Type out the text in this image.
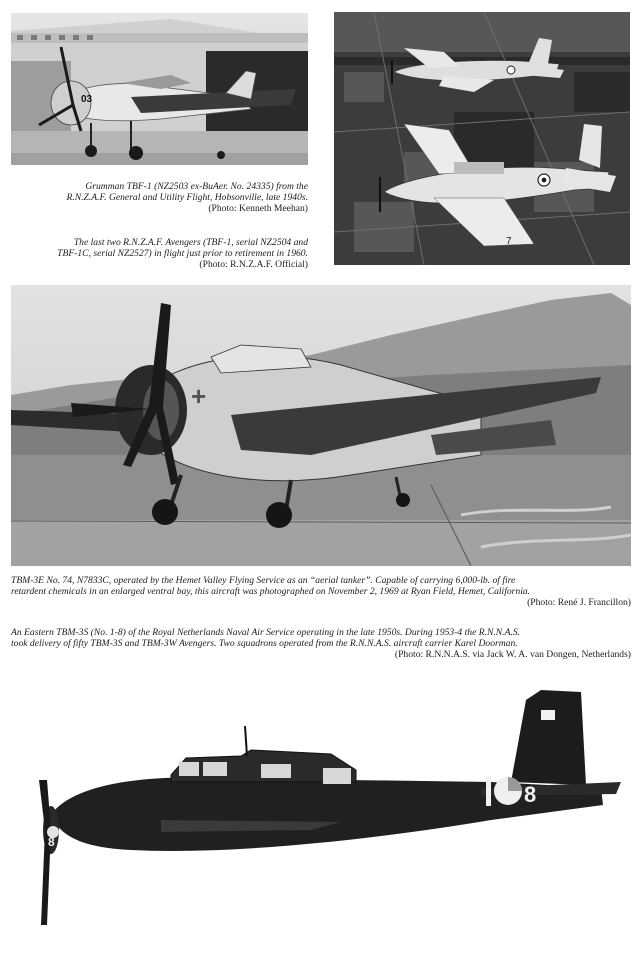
03
7
Grumman TBF-1 (NZ2503 ex-BuAer. No. 24335) from the
R.N.Z.A.F. General and Utility Flight, Hobsonville, late 1940s.
(Photo: Kenneth Meehan)
The last two R.N.Z.A.F. Avengers (TBF-1, serial NZ2504 and
TBF-1C, serial NZ2527) in flight just prior to retirement in 1960.
(Photo: R.N.Z.A.F. Official)
+
TBM-3E No. 74, N7833C, operated by the Hemet Valley Flying Service as an “aerial tanker”. Capable of carrying 6,000-lb. of fire
retardent chemicals in an enlarged ventral bay, this aircraft was photographed on November 2, 1969 at Ryan Field, Hemet, California.
(Photo: René J. Francillon)
An Eastern TBM-3S (No. 1-8) of the Royal Netherlands Naval Air Service operating in the late 1950s. During 1953-4 the R.N.N.A.S.
took delivery of fifty TBM-3S and TBM-3W Avengers. Two squadrons operated from the R.N.N.A.S. aircraft carrier Karel Doorman.
(Photo: R.N.N.A.S. via Jack W. A. van Dongen, Netherlands)
8
8
